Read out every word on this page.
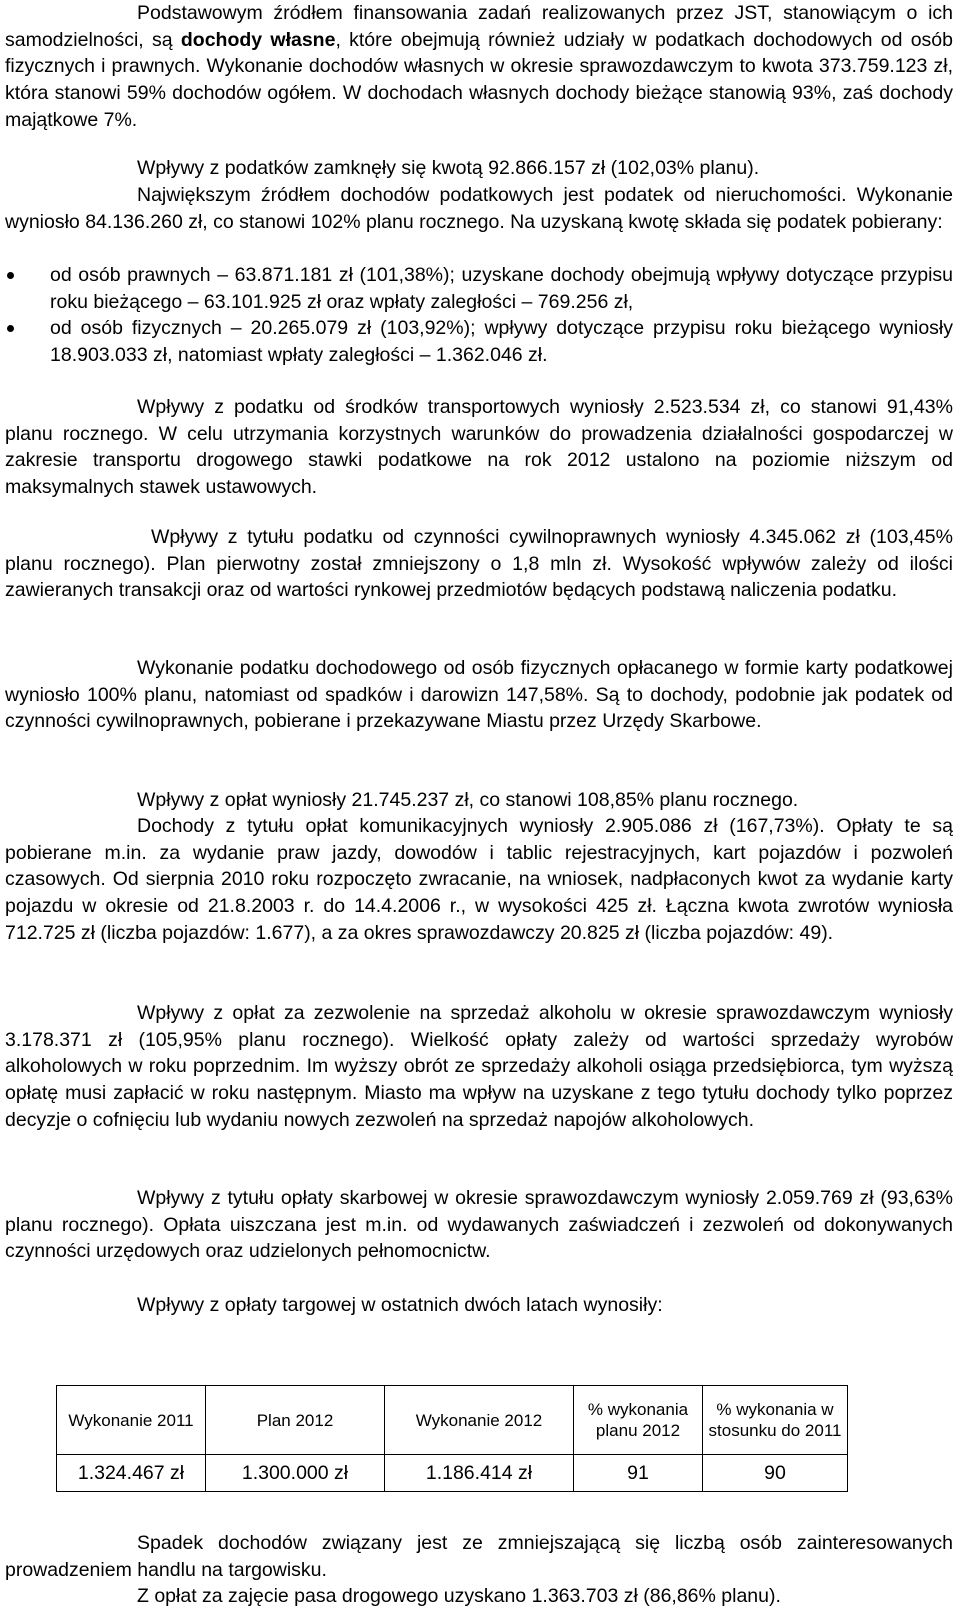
Podstawowym źródłem finansowania zadań realizowanych przez JST, stanowiącym o ich samodzielności, są dochody własne, które obejmują również udziały w podatkach dochodowych od osób fizycznych i prawnych. Wykonanie dochodów własnych w okresie sprawozdawczym to kwota 373.759.123 zł, która stanowi 59% dochodów ogółem. W dochodach własnych dochody bieżące stanowią 93%, zaś dochody majątkowe 7%.

Wpływy z podatków zamknęły się kwotą 92.866.157 zł (102,03% planu).

Największym źródłem dochodów podatkowych jest podatek od nieruchomości. Wykonanie wyniosło 84.136.260 zł, co stanowi 102% planu rocznego. Na uzyskaną kwotę składa się podatek pobierany:

od osób prawnych – 63.871.181 zł (101,38%); uzyskane dochody obejmują wpływy dotyczące przypisu roku bieżącego – 63.101.925 zł oraz wpłaty zaległości – 769.256 zł,
od osób fizycznych – 20.265.079 zł (103,92%); wpływy dotyczące przypisu roku bieżącego wyniosły 18.903.033 zł, natomiast wpłaty zaległości – 1.362.046 zł.

Wpływy z podatku od środków transportowych wyniosły 2.523.534 zł, co stanowi 91,43% planu rocznego. W celu utrzymania korzystnych warunków do prowadzenia działalności gospodarczej w zakresie transportu drogowego stawki podatkowe na rok 2012 ustalono na poziomie niższym od maksymalnych stawek ustawowych.

Wpływy z tytułu podatku od czynności cywilnoprawnych wyniosły 4.345.062 zł (103,45% planu rocznego). Plan pierwotny został zmniejszony o 1,8 mln zł. Wysokość wpływów zależy od ilości zawieranych transakcji oraz od wartości rynkowej przedmiotów będących podstawą naliczenia podatku.

Wykonanie podatku dochodowego od osób fizycznych opłacanego w formie karty podatkowej wyniosło 100% planu, natomiast od spadków i darowizn 147,58%. Są to dochody, podobnie jak podatek od czynności cywilnoprawnych, pobierane i przekazywane Miastu przez Urzędy Skarbowe.

Wpływy z opłat wyniosły 21.745.237 zł, co stanowi 108,85% planu rocznego.

Dochody z tytułu opłat komunikacyjnych wyniosły 2.905.086 zł (167,73%). Opłaty te są pobierane m.in. za wydanie praw jazdy, dowodów i tablic rejestracyjnych, kart pojazdów i pozwoleń czasowych. Od sierpnia 2010 roku rozpoczęto zwracanie, na wniosek, nadpłaconych kwot za wydanie karty pojazdu w okresie od 21.8.2003 r. do 14.4.2006 r., w wysokości 425 zł. Łączna kwota zwrotów wyniosła 712.725 zł (liczba pojazdów: 1.677), a za okres sprawozdawczy 20.825 zł (liczba pojazdów: 49).

Wpływy z opłat za zezwolenie na sprzedaż alkoholu w okresie sprawozdawczym wyniosły 3.178.371 zł (105,95% planu rocznego). Wielkość opłaty zależy od wartości sprzedaży wyrobów alkoholowych w roku poprzednim. Im wyższy obrót ze sprzedaży alkoholi osiąga przedsiębiorca, tym wyższą opłatę musi zapłacić w roku następnym. Miasto ma wpływ na uzyskane z tego tytułu dochody tylko poprzez decyzje o cofnięciu lub wydaniu nowych zezwoleń na sprzedaż napojów alkoholowych.

Wpływy z tytułu opłaty skarbowej w okresie sprawozdawczym wyniosły 2.059.769 zł (93,63% planu rocznego). Opłata uiszczana jest m.in. od wydawanych zaświadczeń i zezwoleń od dokonywanych czynności urzędowych oraz udzielonych pełnomocnictw.

Wpływy z opłaty targowej w ostatnich dwóch latach wynosiły:

Wykonanie 2011	Plan 2012	Wykonanie 2012	% wykonania planu 2012	% wykonania w stosunku do 2011
1.324.467 zł	1.300.000 zł	1.186.414 zł	91	90

Spadek dochodów związany jest ze zmniejszającą się liczbą osób zainteresowanych prowadzeniem handlu na targowisku.

Z opłat za zajęcie pasa drogowego uzyskano 1.363.703 zł (86,86% planu).
